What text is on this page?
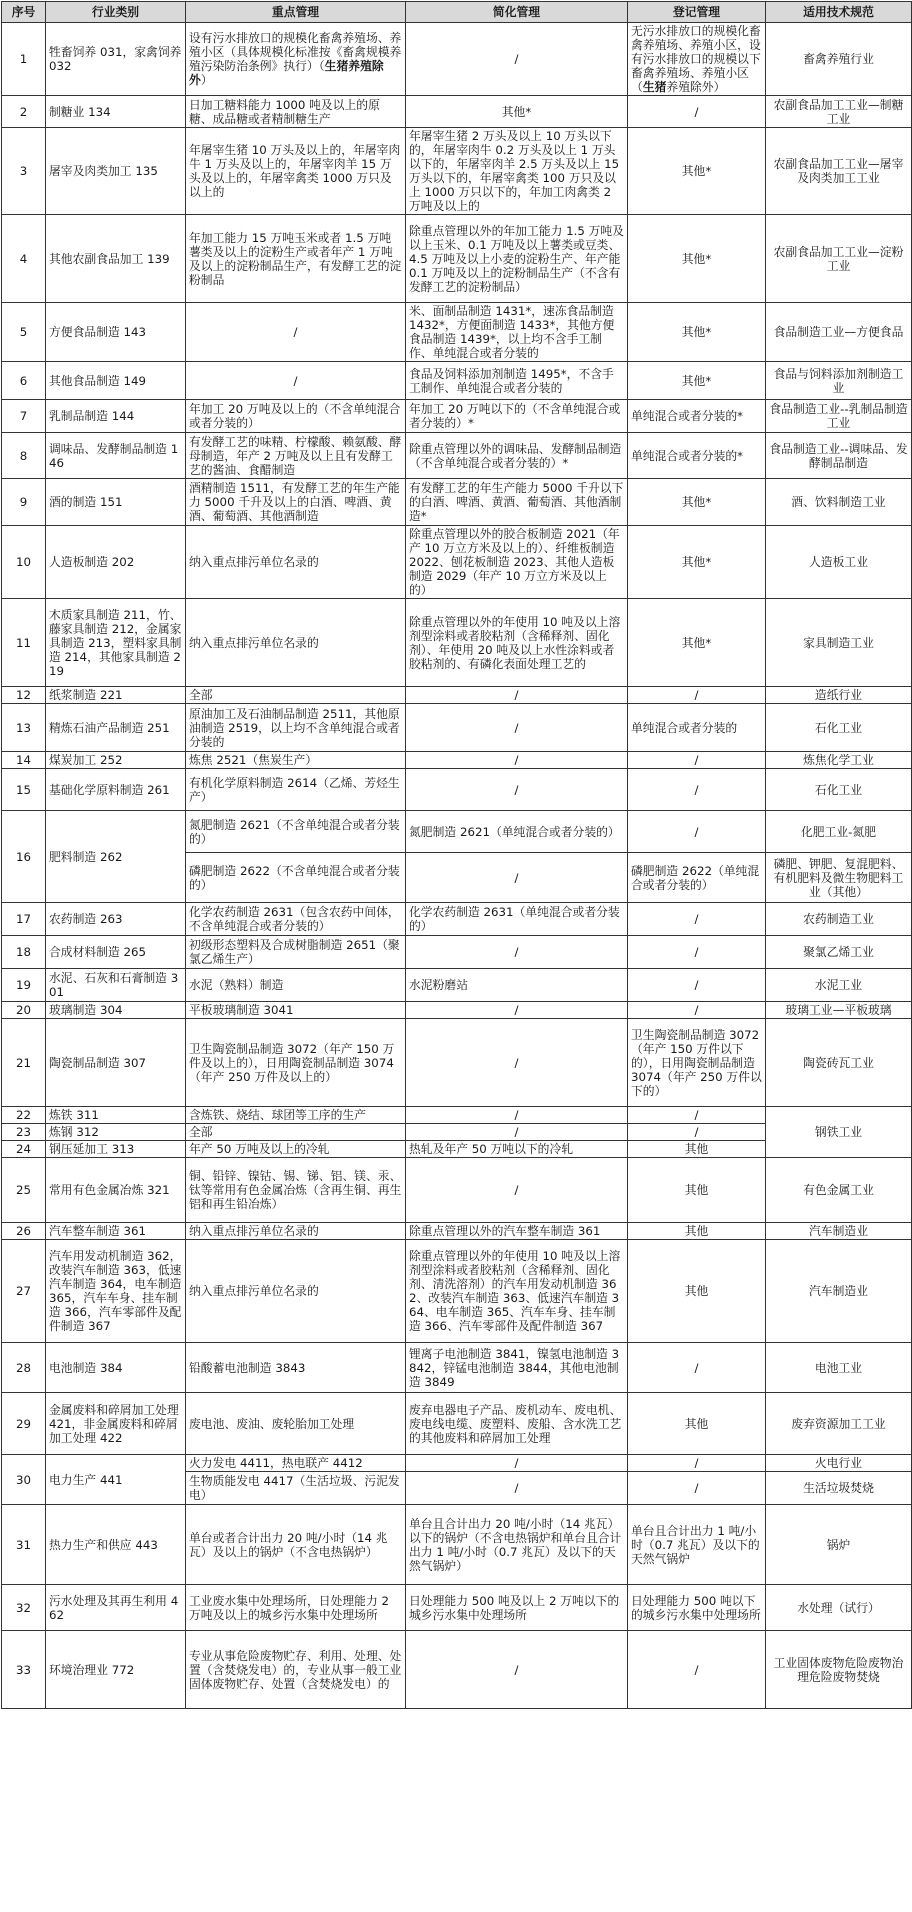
序号	行业类别	重点管理	简化管理	登记管理	适用技术规范
1	牲畜饲养 031，家禽饲养 032	设有污水排放口的规模化畜禽养殖场、养殖小区（具体规模化标准按《畜禽规模养殖污染防治条例》执行）（生猪养殖除外）	/	无污水排放口的规模化畜禽养殖场、养殖小区，设有污水排放口的规模以下畜禽养殖场、养殖小区（生猪养殖除外）	畜禽养殖行业
2	制糖业 134	日加工糖料能力 1000 吨及以上的原糖、成品糖或者精制糖生产	其他*	/	农副食品加工工业—制糖工业
3	屠宰及肉类加工 135	年屠宰生猪 10 万头及以上的，年屠宰肉牛 1 万头及以上的，年屠宰肉羊 15 万头及以上的，年屠宰禽类 1000 万只及以上的	年屠宰生猪 2 万头及以上 10 万头以下的，年屠宰肉牛 0.2 万头及以上 1 万头以下的，年屠宰肉羊 2.5 万头及以上 15 万头以下的，年屠宰禽类 100 万只及以上 1000 万只以下的，年加工肉禽类 2 万吨及以上的	其他*	农副食品加工工业—屠宰及肉类加工工业
4	其他农副食品加工 139	年加工能力 15 万吨玉米或者 1.5 万吨薯类及以上的淀粉生产或者年产 1 万吨及以上的淀粉制品生产，有发酵工艺的淀粉制品	除重点管理以外的年加工能力 1.5 万吨及以上玉米、0.1 万吨及以上薯类或豆类、4.5 万吨及以上小麦的淀粉生产、年产能 0.1 万吨及以上的淀粉制品生产（不含有发酵工艺的淀粉制品）	其他*	农副食品加工工业—淀粉工业
5	方便食品制造 143	/	米、面制品制造 1431*，速冻食品制造 1432*，方便面制造 1433*，其他方便食品制造 1439*，以上均不含手工制作、单纯混合或者分装的	其他*	食品制造工业—方便食品
6	其他食品制造 149	/	食品及饲料添加剂制造 1495*，不含手工制作、单纯混合或者分装的	其他*	食品与饲料添加剂制造工业
7	乳制品制造 144	年加工 20 万吨及以上的（不含单纯混合或者分装的）	年加工 20 万吨以下的（不含单纯混合或者分装的）*	单纯混合或者分装的*	食品制造工业--乳制品制造工业
8	调味品、发酵制品制造 146	有发酵工艺的味精、柠檬酸、赖氨酸、酵母制造，年产 2 万吨及以上且有发酵工艺的酱油、食醋制造	除重点管理以外的调味品、发酵制品制造（不含单纯混合或者分装的）*	单纯混合或者分装的*	食品制造工业--调味品、发酵制品制造
9	酒的制造 151	酒精制造 1511，有发酵工艺的年生产能力 5000 千升及以上的白酒、啤酒、黄酒、葡萄酒、其他酒制造	有发酵工艺的年生产能力 5000 千升以下的白酒、啤酒、黄酒、葡萄酒、其他酒制造*	其他*	酒、饮料制造工业
10	人造板制造 202	纳入重点排污单位名录的	除重点管理以外的胶合板制造 2021（年产 10 万立方米及以上的）、纤维板制造 2022、刨花板制造 2023、其他人造板制造 2029（年产 10 万立方米及以上的）	其他*	人造板工业
11	木质家具制造 211，竹、藤家具制造 212，金属家具制造 213，塑料家具制造 214，其他家具制造 219	纳入重点排污单位名录的	除重点管理以外的年使用 10 吨及以上溶剂型涂料或者胶粘剂（含稀释剂、固化剂）、年使用 20 吨及以上水性涂料或者胶粘剂的、有磷化表面处理工艺的	其他*	家具制造工业
12	纸浆制造 221	全部	/	/	造纸行业
13	精炼石油产品制造 251	原油加工及石油制品制造 2511，其他原油制造 2519，以上均不含单纯混合或者分装的	/	单纯混合或者分装的	石化工业
14	煤炭加工 252	炼焦 2521（焦炭生产）	/	/	炼焦化学工业
15	基础化学原料制造 261	有机化学原料制造 2614（乙烯、芳烃生产）	/	/	石化工业
16	肥料制造 262	氮肥制造 2621（不含单纯混合或者分装的）	氮肥制造 2621（单纯混合或者分装的）	/	化肥工业-氮肥
		磷肥制造 2622（不含单纯混合或者分装的）	/	磷肥制造 2622（单纯混合或者分装的）	磷肥、钾肥、复混肥料、有机肥料及微生物肥料工业（其他）
17	农药制造 263	化学农药制造 2631（包含农药中间体，不含单纯混合或者分装的）	化学农药制造 2631（单纯混合或者分装的）	/	农药制造工业
18	合成材料制造 265	初级形态塑料及合成树脂制造 2651（聚氯乙烯生产）	/	/	聚氯乙烯工业
19	水泥、石灰和石膏制造 301	水泥（熟料）制造	水泥粉磨站	/	水泥工业
20	玻璃制造 304	平板玻璃制造 3041	/	/	玻璃工业—平板玻璃
21	陶瓷制品制造 307	卫生陶瓷制品制造 3072（年产 150 万件及以上的），日用陶瓷制品制造 3074（年产 250 万件及以上的）	/	卫生陶瓷制品制造 3072（年产 150 万件以下的），日用陶瓷制品制造 3074（年产 250 万件以下的）	陶瓷砖瓦工业
22	炼铁 311	含炼铁、烧结、球团等工序的生产	/	/	钢铁工业
23	炼钢 312	全部	/	/	
24	钢压延加工 313	年产 50 万吨及以上的冷轧	热轧及年产 50 万吨以下的冷轧	其他	
25	常用有色金属冶炼 321	铜、铅锌、镍钴、锡、锑、铝、镁、汞、钛等常用有色金属冶炼（含再生铜、再生铝和再生铅冶炼）	/	其他	有色金属工业
26	汽车整车制造 361	纳入重点排污单位名录的	除重点管理以外的汽车整车制造 361	其他	汽车制造业
27	汽车用发动机制造 362，改装汽车制造 363，低速汽车制造 364，电车制造 365，汽车车身、挂车制造 366，汽车零部件及配件制造 367	纳入重点排污单位名录的	除重点管理以外的年使用 10 吨及以上溶剂型涂料或者胶粘剂（含稀释剂、固化剂、清洗溶剂）的汽车用发动机制造 362、改装汽车制造 363、低速汽车制造 364、电车制造 365、汽车车身、挂车制造 366、汽车零部件及配件制造 367	其他	汽车制造业
28	电池制造 384	铅酸蓄电池制造 3843	锂离子电池制造 3841，镍氢电池制造 3842，锌锰电池制造 3844，其他电池制造 3849	/	电池工业
29	金属废料和碎屑加工处理 421，非金属废料和碎屑加工处理 422	废电池、废油、废轮胎加工处理	废弃电器电子产品、废机动车、废电机、废电线电缆、废塑料、废船、含水洗工艺的其他废料和碎屑加工处理	其他	废弃资源加工工业
30	电力生产 441	火力发电 4411，热电联产 4412	/	/	火电行业
		生物质能发电 4417（生活垃圾、污泥发电）	/	/	生活垃圾焚烧
31	热力生产和供应 443	单台或者合计出力 20 吨/小时（14 兆瓦）及以上的锅炉（不含电热锅炉）	单台且合计出力 20 吨/小时（14 兆瓦）以下的锅炉（不含电热锅炉和单台且合计出力 1 吨/小时（0.7 兆瓦）及以下的天然气锅炉）	单台且合计出力 1 吨/小时（0.7 兆瓦）及以下的天然气锅炉	锅炉
32	污水处理及其再生利用 462	工业废水集中处理场所，日处理能力 2 万吨及以上的城乡污水集中处理场所	日处理能力 500 吨及以上 2 万吨以下的城乡污水集中处理场所	日处理能力 500 吨以下的城乡污水集中处理场所	水处理（试行）
33	环境治理业 772	专业从事危险废物贮存、利用、处理、处置（含焚烧发电）的，专业从事一般工业固体废物贮存、处置（含焚烧发电）的	/	/	工业固体废物危险废物治理危险废物焚烧
